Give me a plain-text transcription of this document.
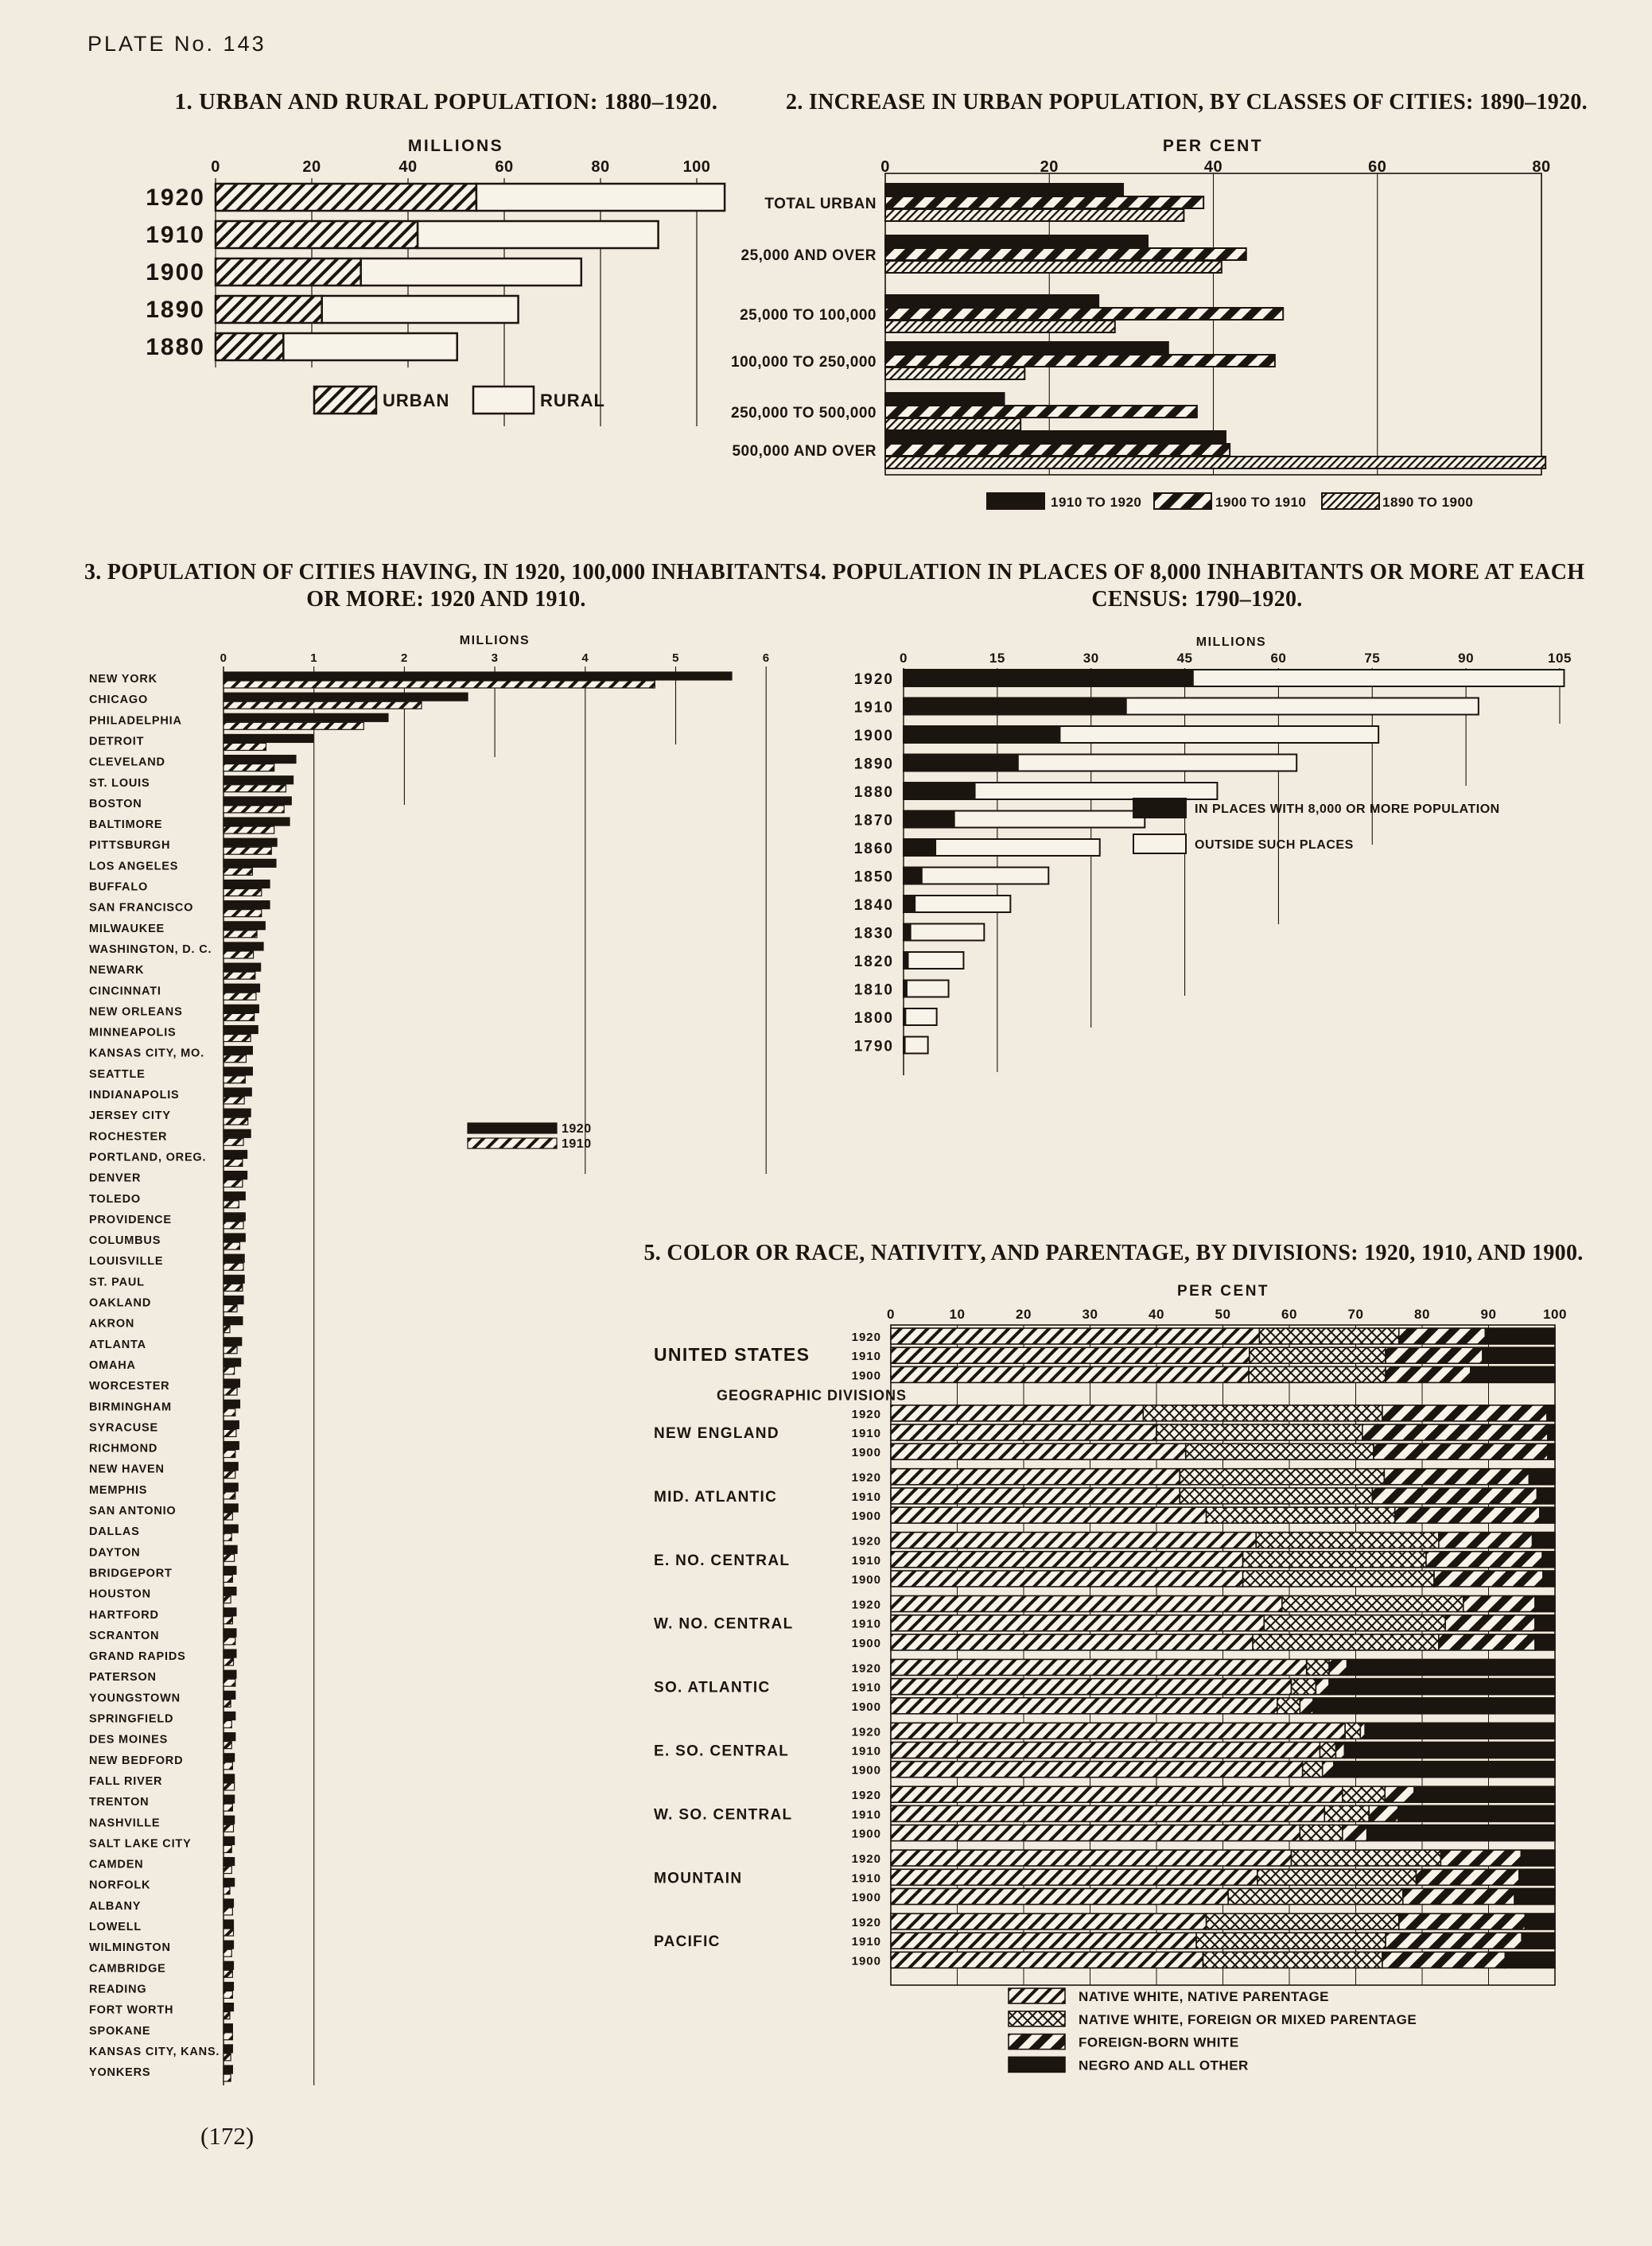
PLATE No. 143
(172)
1. URBAN AND RURAL POPULATION: 1880–1920.
MILLIONS
0	20	40	60	80	100
1920
1910
1900
1890
1880
URBAN	RURAL
2. INCREASE IN URBAN POPULATION, BY CLASSES OF CITIES: 1890–1920.
PER CENT
0	20	40	60	80
TOTAL URBAN
25,000 AND OVER
25,000 TO 100,000
100,000 TO 250,000
250,000 TO 500,000
500,000 AND OVER
1910 TO 1920	1900 TO 1910	1890 TO 1900
3. POPULATION OF CITIES HAVING, IN 1920, 100,000 INHABITANTS
OR MORE: 1920 AND 1910.
MILLIONS
0	1	2	3	4	5	6
NEW YORK
CHICAGO
PHILADELPHIA
DETROIT
CLEVELAND
ST. LOUIS
BOSTON
BALTIMORE
PITTSBURGH
LOS ANGELES
BUFFALO
SAN FRANCISCO
MILWAUKEE
WASHINGTON, D. C.
NEWARK
CINCINNATI
NEW ORLEANS
MINNEAPOLIS
KANSAS CITY, MO.
SEATTLE
INDIANAPOLIS
JERSEY CITY
ROCHESTER
PORTLAND, OREG.
DENVER
TOLEDO
PROVIDENCE
COLUMBUS
LOUISVILLE
ST. PAUL
OAKLAND
AKRON
ATLANTA
OMAHA
WORCESTER
BIRMINGHAM
SYRACUSE
RICHMOND
NEW HAVEN
MEMPHIS
SAN ANTONIO
DALLAS
DAYTON
BRIDGEPORT
HOUSTON
HARTFORD
SCRANTON
GRAND RAPIDS
PATERSON
YOUNGSTOWN
SPRINGFIELD
DES MOINES
NEW BEDFORD
FALL RIVER
TRENTON
NASHVILLE
SALT LAKE CITY
CAMDEN
NORFOLK
ALBANY
LOWELL
WILMINGTON
CAMBRIDGE
READING
FORT WORTH
SPOKANE
KANSAS CITY, KANS.
YONKERS
1920
1910
4. POPULATION IN PLACES OF 8,000 INHABITANTS OR MORE AT EACH
CENSUS: 1790–1920.
MILLIONS
0	15	30	45	60	75	90	105
1920
1910
1900
1890
1880
1870
1860
1850
1840
1830
1820
1810
1800
1790
IN PLACES WITH 8,000 OR MORE POPULATION
OUTSIDE SUCH PLACES
5. COLOR OR RACE, NATIVITY, AND PARENTAGE, BY DIVISIONS: 1920, 1910, AND 1900.
PER CENT
0	10	20	30	40	50	60	70	80	90	100
1920
1910
UNITED STATES
1900
GEOGRAPHIC DIVISIONS
1920
1910
NEW ENGLAND
1900
1920
1910
MID. ATLANTIC
1900
1920
1910
E. NO. CENTRAL
1900
1920
1910
W. NO. CENTRAL
1900
1920
1910
SO. ATLANTIC
1900
1920
1910
E. SO. CENTRAL
1900
1920
1910
W. SO. CENTRAL
1900
1920
1910
MOUNTAIN
1900
1920
1910
PACIFIC
1900
NATIVE WHITE, NATIVE PARENTAGE
NATIVE WHITE, FOREIGN OR MIXED PARENTAGE
FOREIGN-BORN WHITE
NEGRO AND ALL OTHER
